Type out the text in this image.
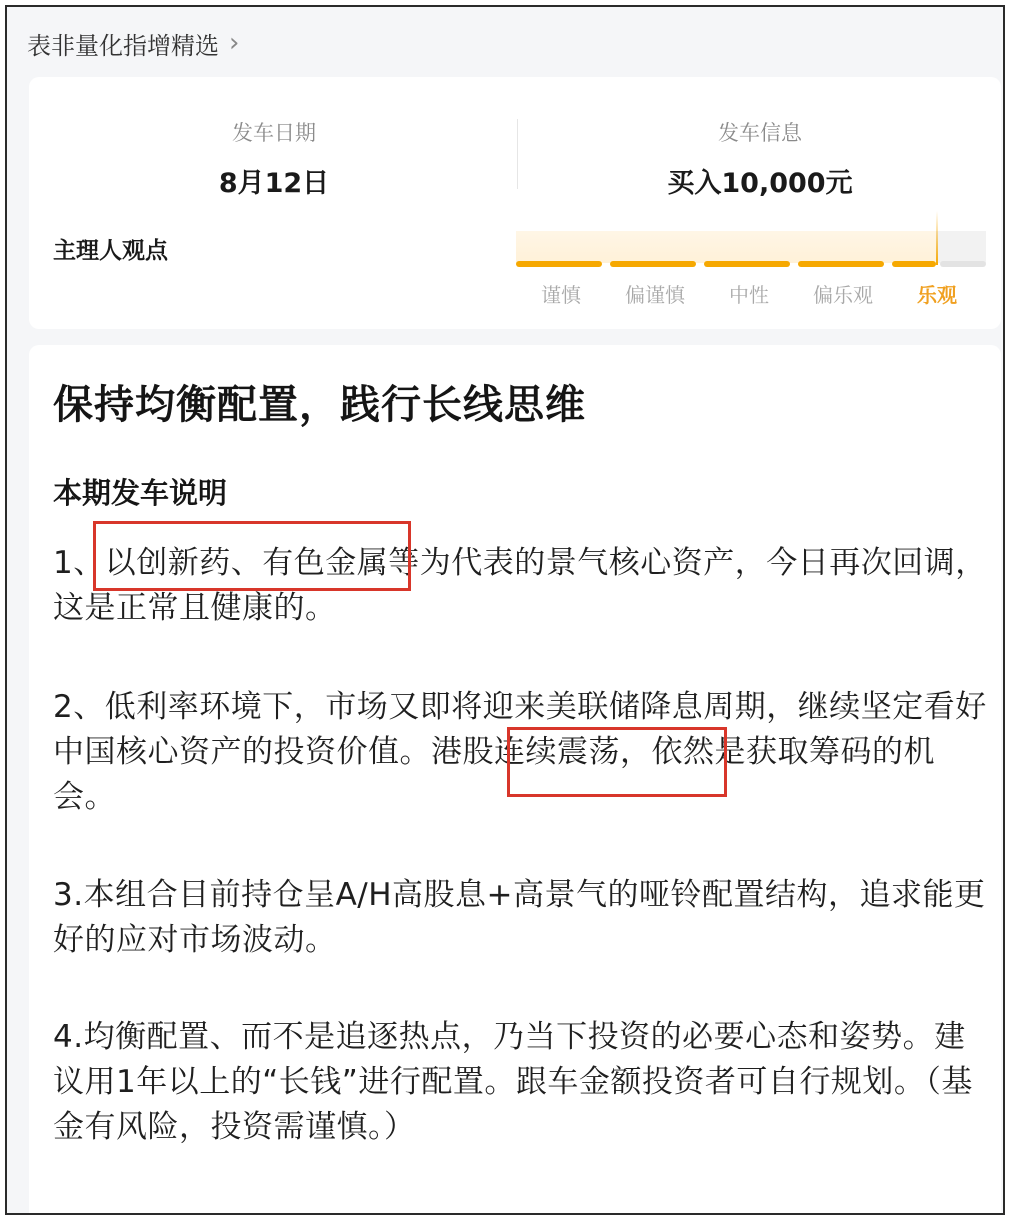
表非量化指增精选 ›
发车日期
8月12日
发车信息
买入10,000元
主理人观点
谨慎	偏谨慎	中性	偏乐观	乐观
保持均衡配置，践行长线思维
本期发车说明
1、以创新药、有色金属等为代表的景气核心资产，今日再次回调，这是正常且健康的。
2、低利率环境下，市场又即将迎来美联储降息周期，继续坚定看好中国核心资产的投资价值。港股连续震荡，依然是获取筹码的机会。
3.本组合目前持仓呈A/H高股息+高景气的哑铃配置结构，追求能更好的应对市场波动。
4.均衡配置、而不是追逐热点，乃当下投资的必要心态和姿势。建议用1年以上的“长钱”进行配置。跟车金额投资者可自行规划。（基金有风险，投资需谨慎。）
